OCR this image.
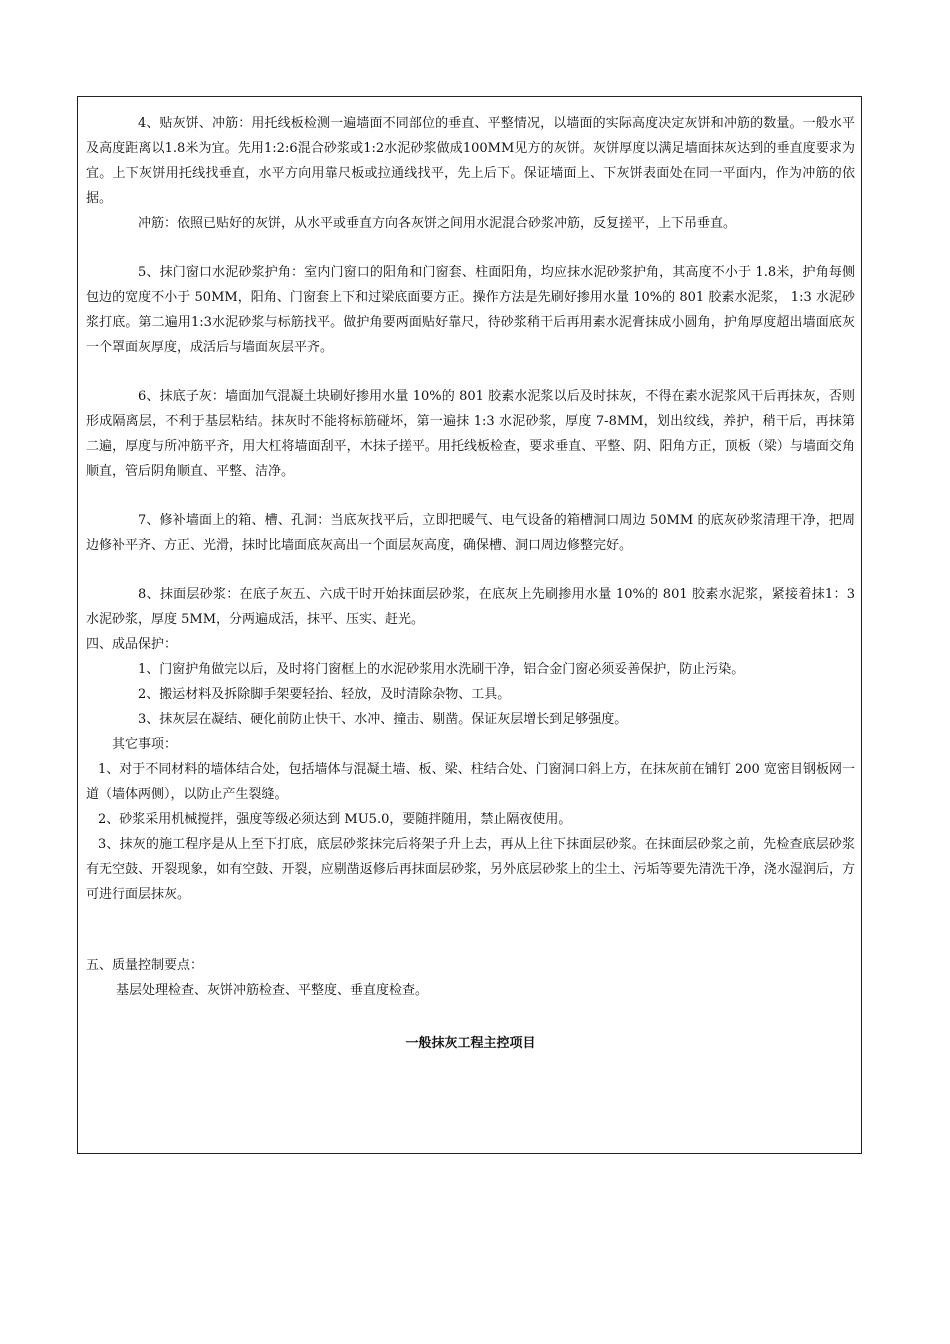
4、贴灰饼、冲筋：用托线板检测一遍墙面不同部位的垂直、平整情况，以墙面的实际高度决定灰饼和冲筋的数量。一般水平及高度距离以1.8米为宜。先用1:2:6混合砂浆或1:2水泥砂浆做成100MM见方的灰饼。灰饼厚度以满足墙面抹灰达到的垂直度要求为宜。上下灰饼用托线找垂直，水平方向用靠尺板或拉通线找平，先上后下。保证墙面上、下灰饼表面处在同一平面内，作为冲筋的依据。

冲筋：依照已贴好的灰饼，从水平或垂直方向各灰饼之间用水泥混合砂浆冲筋，反复搓平，上下吊垂直。

5、抹门窗口水泥砂浆护角：室内门窗口的阳角和门窗套、柱面阳角，均应抹水泥砂浆护角，其高度不小于 1.8米，护角每侧包边的宽度不小于 50MM，阳角、门窗套上下和过梁底面要方正。操作方法是先刷好掺用水量 10%的 801 胶素水泥浆， 1:3 水泥砂浆打底。第二遍用1:3水泥砂浆与标筋找平。做护角要两面贴好靠尺，待砂浆稍干后再用素水泥膏抹成小圆角，护角厚度超出墙面底灰一个罩面灰厚度，成活后与墙面灰层平齐。

6、抹底子灰：墙面加气混凝土块刷好掺用水量 10%的 801 胶素水泥浆以后及时抹灰，不得在素水泥浆风干后再抹灰，否则形成隔离层，不利于基层粘结。抹灰时不能将标筋碰坏，第一遍抹 1:3 水泥砂浆，厚度 7-8MM，划出纹线，养护，稍干后，再抹第二遍，厚度与所冲筋平齐，用大杠将墙面刮平，木抹子搓平。用托线板检查，要求垂直、平整、阴、阳角方正，顶板（梁）与墙面交角顺直，管后阴角顺直、平整、洁净。

7、修补墙面上的箱、槽、孔洞：当底灰找平后，立即把暖气、电气设备的箱槽洞口周边 50MM 的底灰砂浆清理干净，把周边修补平齐、方正、光滑，抹时比墙面底灰高出一个面层灰高度，确保槽、洞口周边修整完好。

8、抹面层砂浆：在底子灰五、六成干时开始抹面层砂浆，在底灰上先刷掺用水量 10%的 801 胶素水泥浆，紧接着抹1：3 水泥砂浆，厚度 5MM，分两遍成活，抹平、压实、赶光。

四、成品保护：

1、门窗护角做完以后，及时将门窗框上的水泥砂浆用水洗刷干净，铝合金门窗必须妥善保护，防止污染。

2、搬运材料及拆除脚手架要轻抬、轻放，及时清除杂物、工具。

3、抹灰层在凝结、硬化前防止快干、水冲、撞击、剔凿。保证灰层增长到足够强度。

其它事项：

1、对于不同材料的墙体结合处，包括墙体与混凝土墙、板、梁、柱结合处、门窗洞口斜上方，在抹灰前在铺钉 200 宽密目钢板网一道（墙体两侧），以防止产生裂缝。

2、砂浆采用机械搅拌，强度等级必须达到 MU5.0，要随拌随用，禁止隔夜使用。

3、抹灰的施工程序是从上至下打底，底层砂浆抹完后将架子升上去，再从上往下抹面层砂浆。在抹面层砂浆之前，先检查底层砂浆有无空鼓、开裂现象，如有空鼓、开裂，应剔凿返修后再抹面层砂浆，另外底层砂浆上的尘土、污垢等要先清洗干净，浇水湿润后，方可进行面层抹灰。

五、质量控制要点：

基层处理检查、灰饼冲筋检查、平整度、垂直度检查。

一般抹灰工程主控项目
